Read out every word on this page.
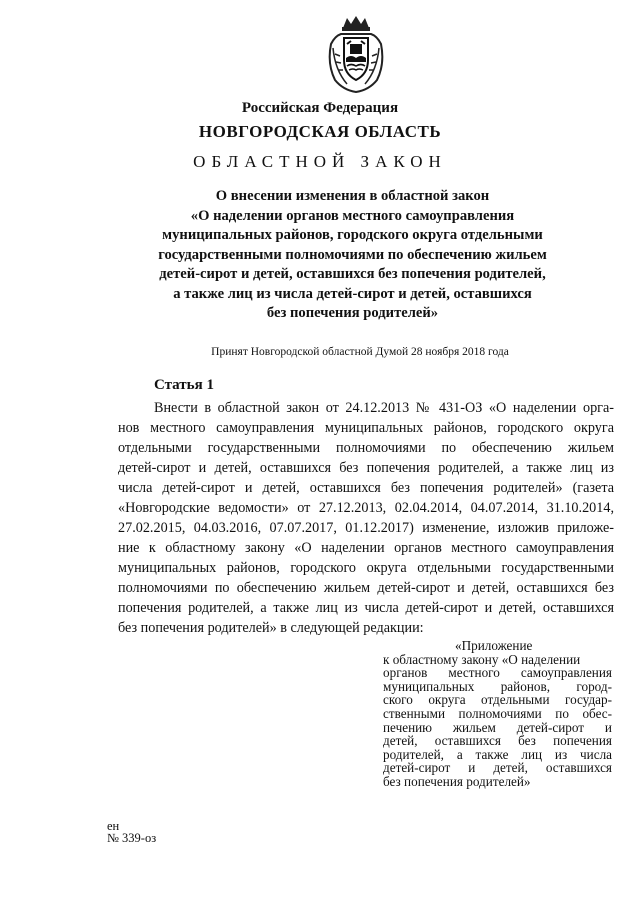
Российская Федерация

НОВГОРОДСКАЯ ОБЛАСТЬ

ОБЛАСТНОЙ ЗАКОН

О внесении изменения в областной закон
«О наделении органов местного самоуправления
муниципальных районов, городского округа отдельными
государственными полномочиями по обеспечению жильем
детей-сирот и детей, оставшихся без попечения родителей,
а также лиц из числа детей-сирот и детей, оставшихся
без попечения родителей»

Принят Новгородской областной Думой 28 ноября 2018 года

Статья 1

Внести в областной закон от 24.12.2013 № 431-ОЗ «О наделении орга-
нов местного самоуправления муниципальных районов, городского округа
отдельными государственными полномочиями по обеспечению жильем
детей-сирот и детей, оставшихся без попечения родителей, а также лиц из
числа детей-сирот и детей, оставшихся без попечения родителей» (газета
«Новгородские ведомости» от 27.12.2013, 02.04.2014, 04.07.2014, 31.10.2014,
27.02.2015, 04.03.2016, 07.07.2017, 01.12.2017) изменение, изложив приложе-
ние к областному закону «О наделении органов местного самоуправления
муниципальных районов, городского округа отдельными государственными
полномочиями по обеспечению жильем детей-сирот и детей, оставшихся без
попечения родителей, а также лиц из числа детей-сирот и детей, оставшихся
без попечения родителей» в следующей редакции:
«Приложение
к областному закону «О наделении
органов местного самоуправления
муниципальных районов, город-
ского округа отдельными государ-
ственными полномочиями по обес-
печению жильем детей-сирот и
детей, оставшихся без попечения
родителей, а также лиц из числа
детей-сирот и детей, оставшихся
без попечения родителей»
ен
№ 339-оз
